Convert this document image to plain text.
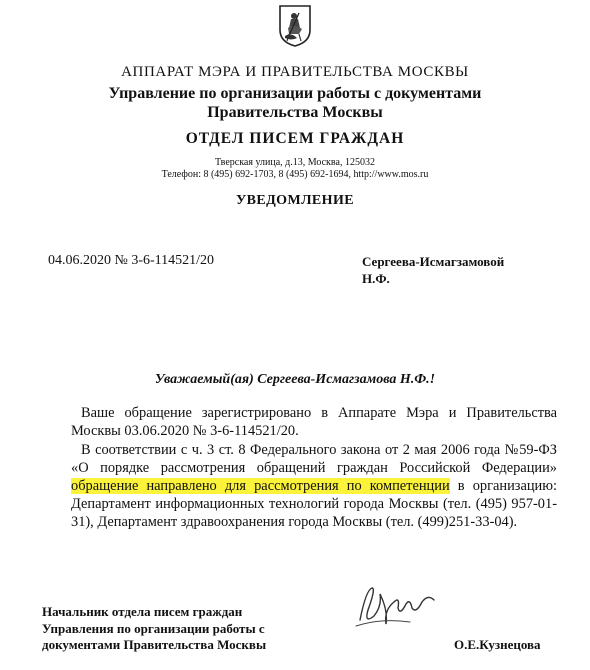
АППАРАТ МЭРА И ПРАВИТЕЛЬСТВА МОСКВЫ
Управление по организации работы с документами
Правительства Москвы
ОТДЕЛ ПИСЕМ ГРАЖДАН
Тверская улица, д.13, Москва, 125032
Телефон: 8 (495) 692-1703, 8 (495) 692-1694, http://www.mos.ru
УВЕДОМЛЕНИЕ
04.06.2020 № 3-6-114521/20	Сергеева-Исмагзамовой
Н.Ф.
Уважаемый(ая) Сергеева-Исмагзамова Н.Ф.!

Ваше обращение зарегистрировано в Аппарате Мэра и Правительства Москвы 03.06.2020 № 3-6-114521/20.

В соответствии с ч. 3 ст. 8 Федерального закона от 2 мая 2006 года №59-ФЗ «О порядке рассмотрения обращений граждан Российской Федерации» обращение направлено для рассмотрения по компетенции в организацию: Департамент информационных технологий города Москвы (тел. (495) 957-01-31), Департамент здравоохранения города Москвы (тел. (499)251-33-04).

Начальник отдела писем граждан
Управления по организации работы с
документами Правительства Москвы	О.Е.Кузнецова
